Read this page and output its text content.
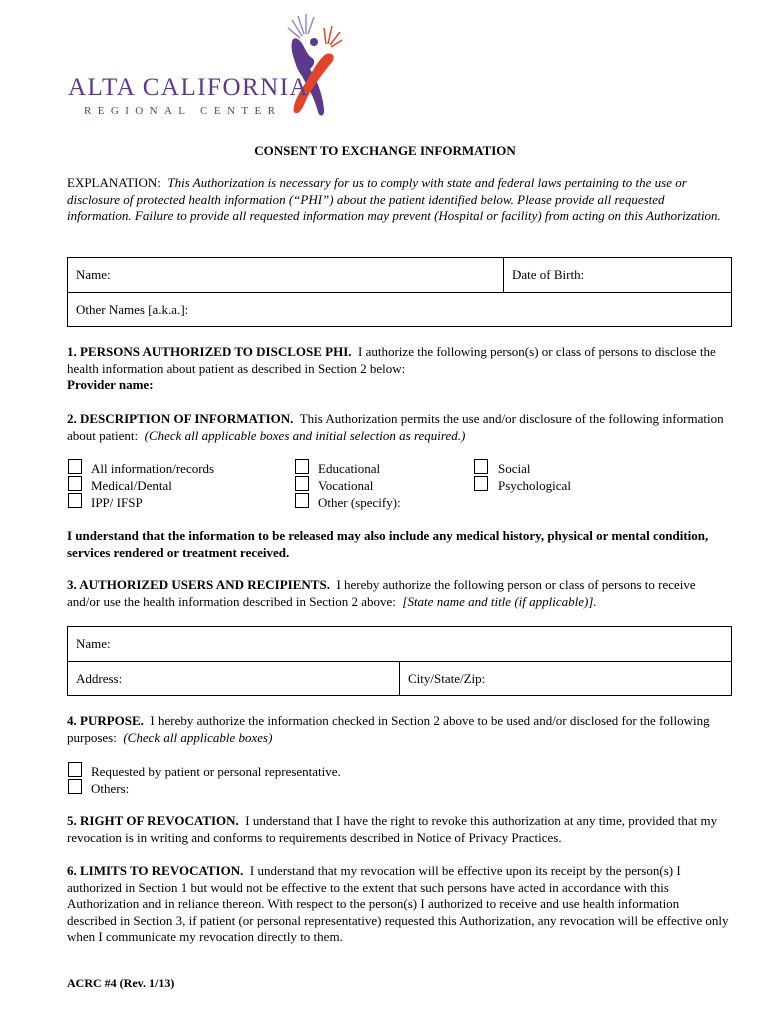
ALTA CALIFORNIA
REGIONAL CENTER
CONSENT TO EXCHANGE INFORMATION

EXPLANATION: This Authorization is necessary for us to comply with state and federal laws pertaining to the use or disclosure of protected health information (“PHI”) about the patient identified below. Please provide all requested information. Failure to provide all requested information may prevent (Hospital or facility) from acting on this Authorization.

Name:	Date of Birth:
Other Names [a.k.a.]:

1. PERSONS AUTHORIZED TO DISCLOSE PHI. I authorize the following person(s) or class of persons to disclose the health information about patient as described in Section 2 below:
Provider name:

2. DESCRIPTION OF INFORMATION. This Authorization permits the use and/or disclosure of the following information about patient: (Check all applicable boxes and initial selection as required.)

All information/records
Medical/Dental
IPP/ IFSP
Educational
Vocational
Other (specify):
Social
Psychological

I understand that the information to be released may also include any medical history, physical or mental condition, services rendered or treatment received.

3. AUTHORIZED USERS AND RECIPIENTS. I hereby authorize the following person or class of persons to receive and/or use the health information described in Section 2 above: [State name and title (if applicable)].

Name:
Address:	City/State/Zip:

4. PURPOSE. I hereby authorize the information checked in Section 2 above to be used and/or disclosed for the following purposes: (Check all applicable boxes)

Requested by patient or personal representative.
Others:

5. RIGHT OF REVOCATION. I understand that I have the right to revoke this authorization at any time, provided that my revocation is in writing and conforms to requirements described in Notice of Privacy Practices.

6. LIMITS TO REVOCATION. I understand that my revocation will be effective upon its receipt by the person(s) I authorized in Section 1 but would not be effective to the extent that such persons have acted in accordance with this Authorization and in reliance thereon. With respect to the person(s) I authorized to receive and use health information described in Section 3, if patient (or personal representative) requested this Authorization, any revocation will be effective only when I communicate my revocation directly to them.

ACRC #4 (Rev. 1/13)
